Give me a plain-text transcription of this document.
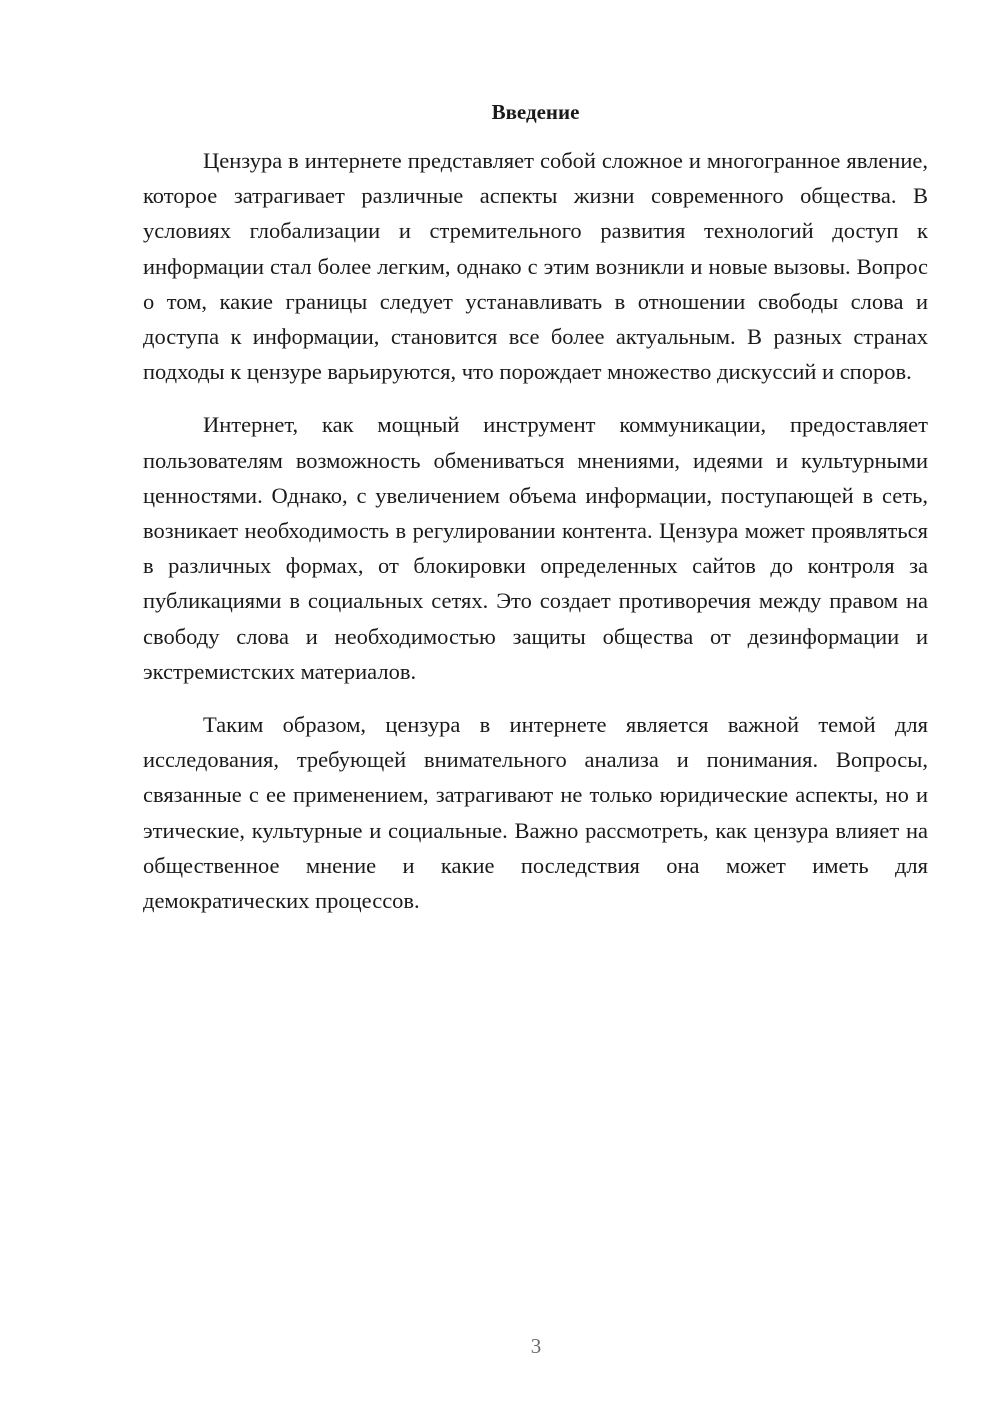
Введение

Цензура в интернете представляет собой сложное и многогранное явление, которое затрагивает различные аспекты жизни современного общества. В условиях глобализации и стремительного развития технологий доступ к информации стал более легким, однако с этим возникли и новые вызовы. Вопрос о том, какие границы следует устанавливать в отношении свободы слова и доступа к информации, становится все более актуальным. В разных странах подходы к цензуре варьируются, что порождает множество дискуссий и споров.

Интернет, как мощный инструмент коммуникации, предоставляет пользователям возможность обмениваться мнениями, идеями и культурными ценностями. Однако, с увеличением объема информации, поступающей в сеть, возникает необходимость в регулировании контента. Цензура может проявляться в различных формах, от блокировки определенных сайтов до контроля за публикациями в социальных сетях. Это создает противоречия между правом на свободу слова и необходимостью защиты общества от дезинформации и экстремистских материалов.

Таким образом, цензура в интернете является важной темой для исследования, требующей внимательного анализа и понимания. Вопросы, связанные с ее применением, затрагивают не только юридические аспекты, но и этические, культурные и социальные. Важно рассмотреть, как цензура влияет на общественное мнение и какие последствия она может иметь для демократических процессов.

3
